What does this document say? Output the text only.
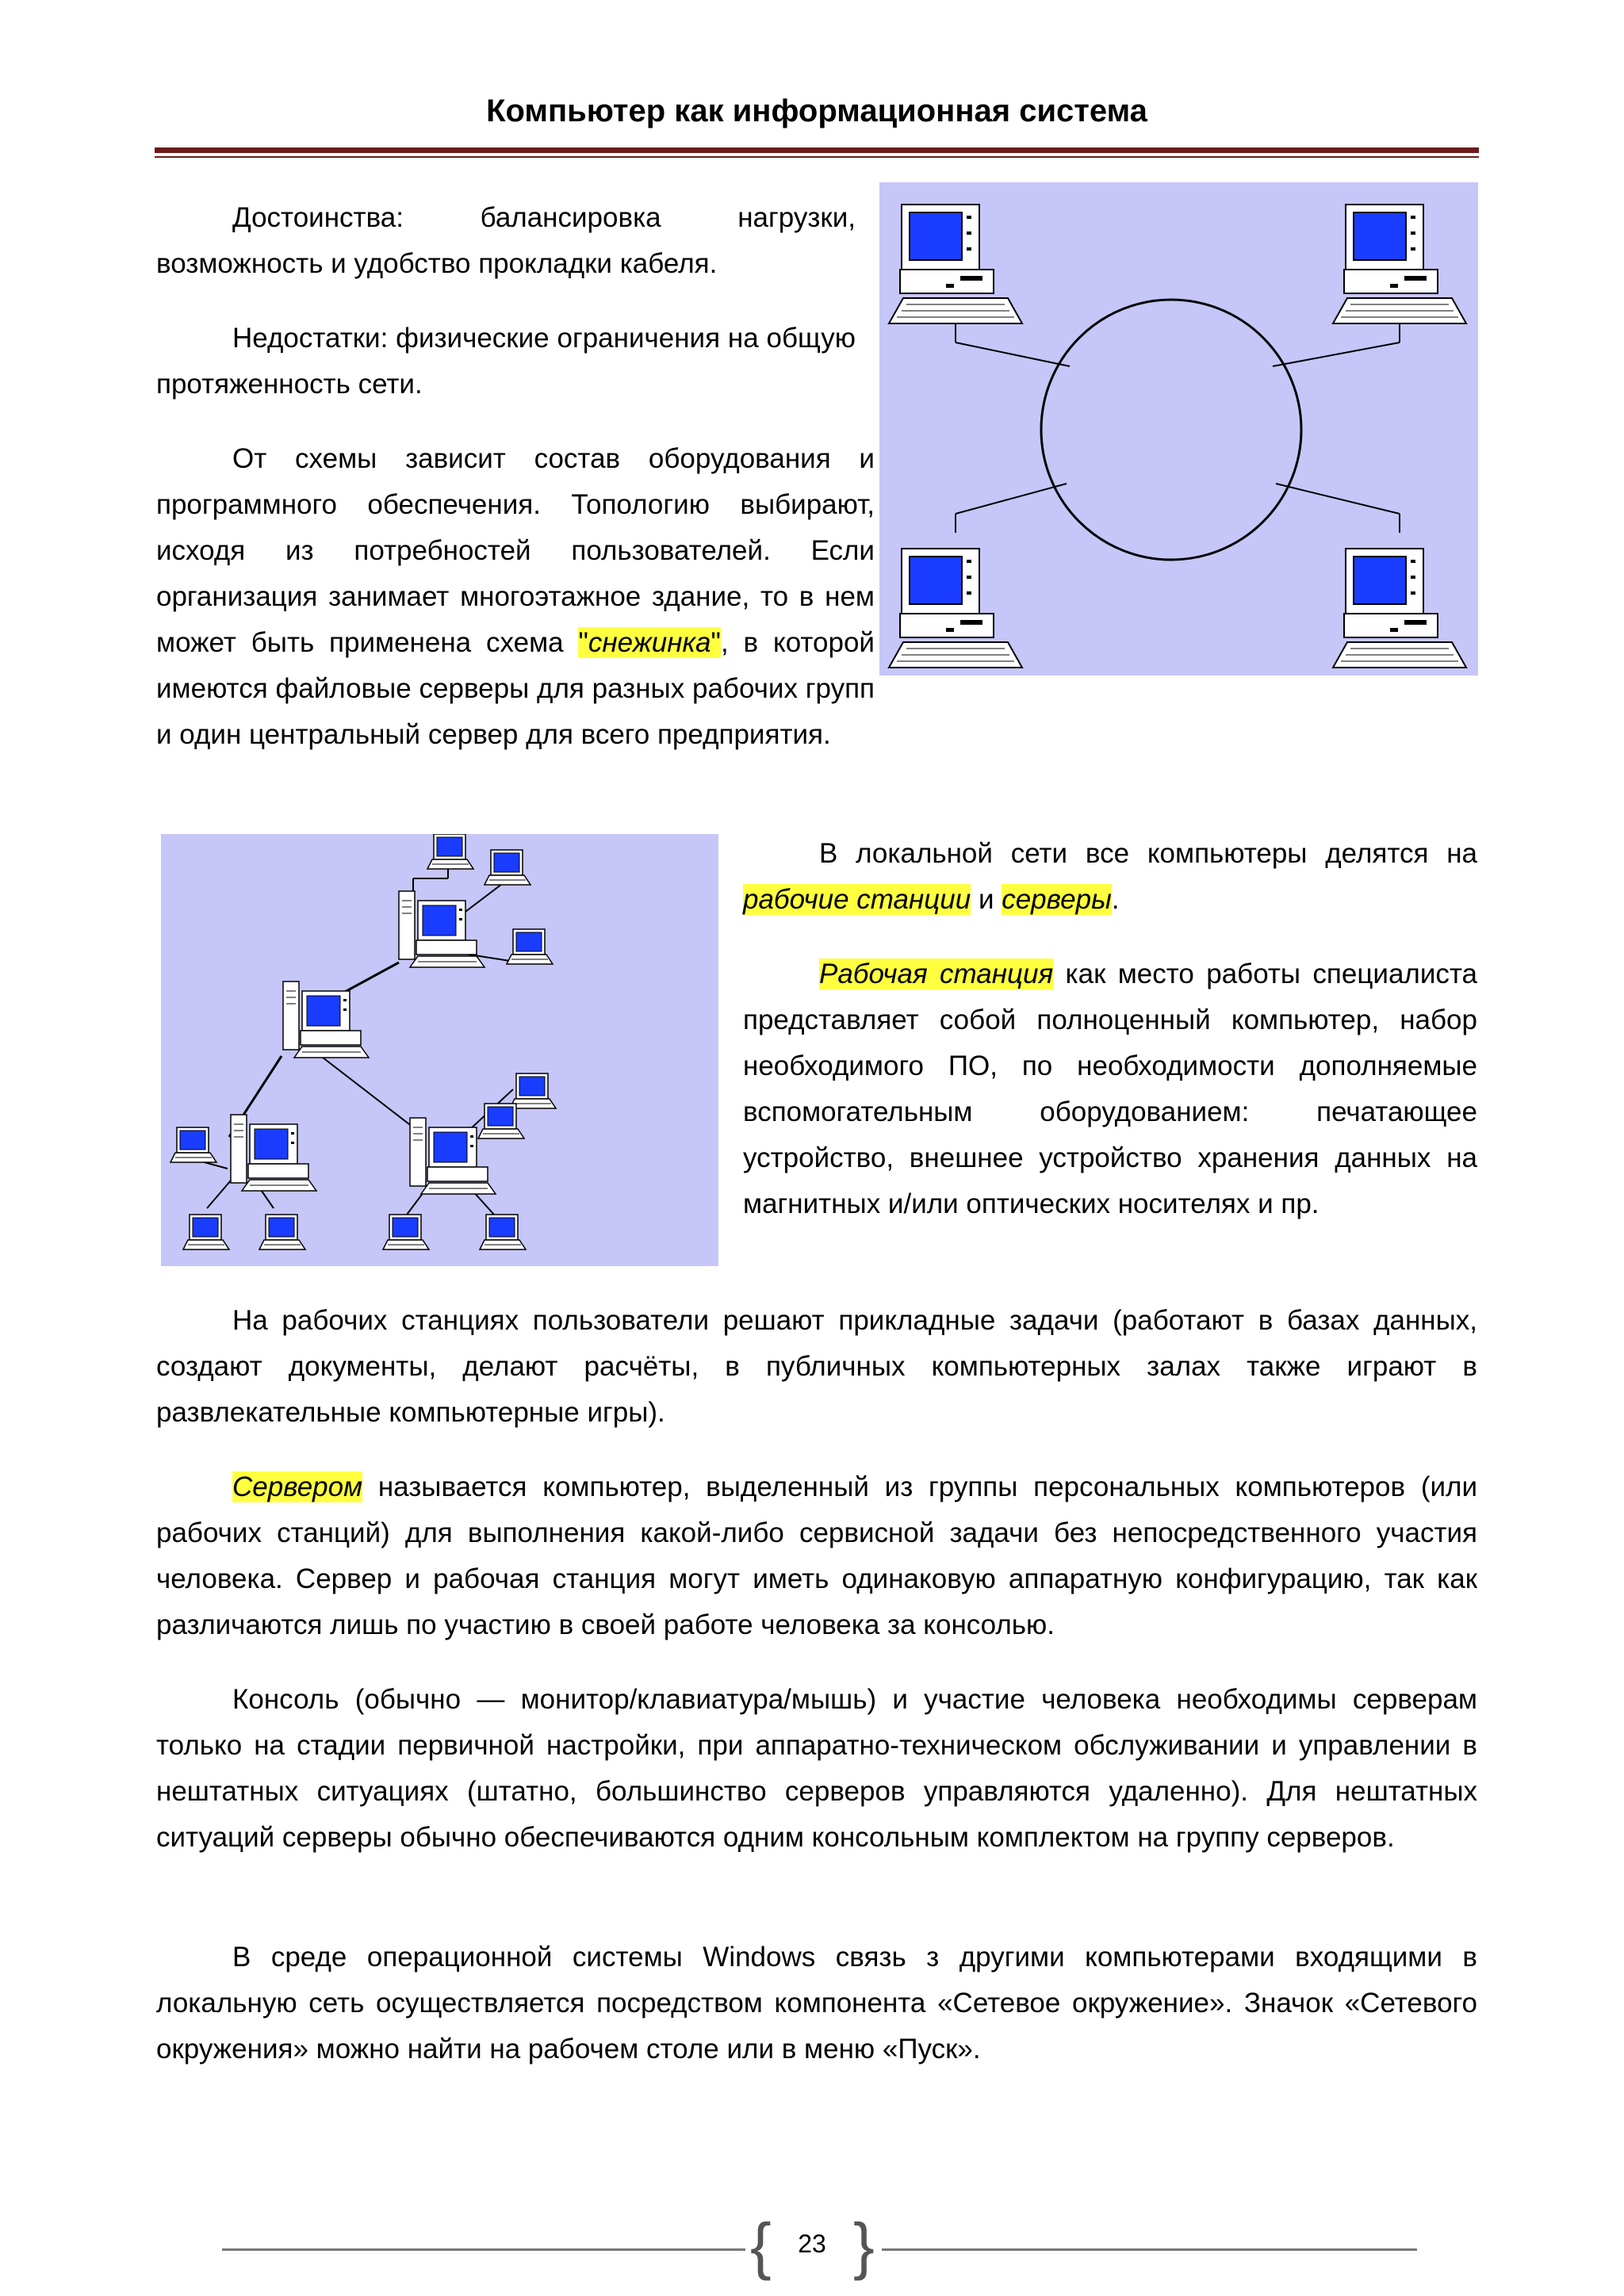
Компьютер как информационная система

Достоинства: балансировка нагрузки, возможность и удобство прокладки кабеля.

Недостатки: физические ограничения на общую протяженность сети.

От схемы зависит состав оборудования и программного обеспечения. Топологию выбирают, исходя из потребностей пользователей. Если организация занимает многоэтажное здание, то в нем может быть применена схема "снежинка", в которой имеются файловые серверы для разных рабочих групп и один центральный сервер для всего предприятия.

В локальной сети все компьютеры делятся на рабочие станции и серверы.

Рабочая станция как место работы специалиста представляет собой полноценный компьютер, набор необходимого ПО, по необходимости дополняемые вспомогательным оборудованием: печатающее устройство, внешнее устройство хранения данных на магнитных и/или оптических носителях и пр.

На рабочих станциях пользователи решают прикладные задачи (работают в базах данных, создают документы, делают расчёты, в публичных компьютерных залах также играют в развлекательные компьютерные игры).

Сервером называется компьютер, выделенный из группы персональных компьютеров (или рабочих станций) для выполнения какой-либо сервисной задачи без непосредственного участия человека. Сервер и рабочая станция могут иметь одинаковую аппаратную конфигурацию, так как различаются лишь по участию в своей работе человека за консолью.

Консоль (обычно — монитор/клавиатура/мышь) и участие человека необходимы серверам только на стадии первичной настройки, при аппаратно-техническом обслуживании и управлении в нештатных ситуациях (штатно, большинство серверов управляются удаленно). Для нештатных ситуаций серверы обычно обеспечиваются одним консольным комплектом на группу серверов.

В среде операционной системы Windows связь з другими компьютерами входящими в локальную сеть осуществляется посредством компонента «Сетевое окружение». Значок «Сетевого окружения» можно найти на рабочем столе или в меню «Пуск».

{ }
23
